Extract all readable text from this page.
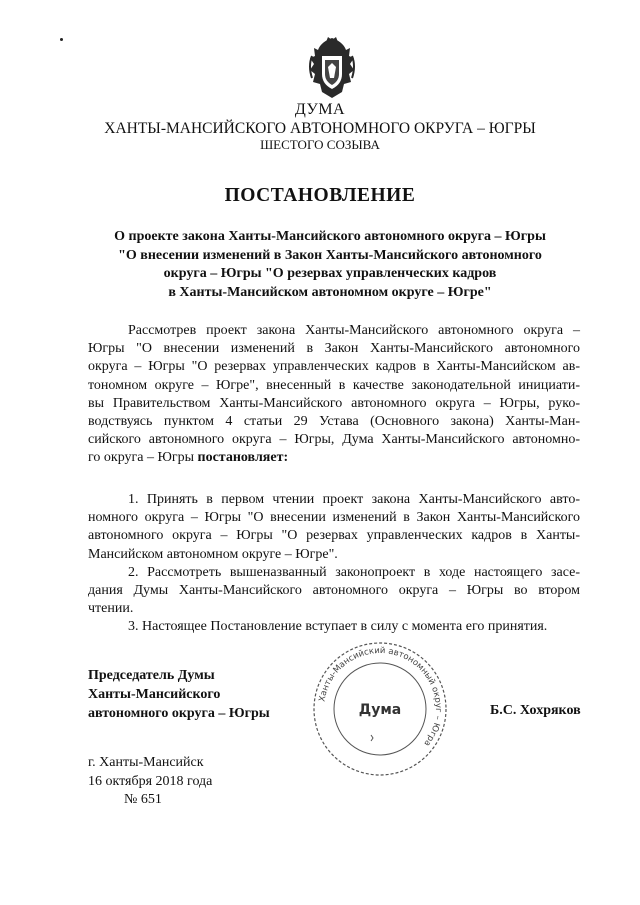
ДУМА
ХАНТЫ-МАНСИЙСКОГО АВТОНОМНОГО ОКРУГА – ЮГРЫ
ШЕСТОГО СОЗЫВА
ПОСТАНОВЛЕНИЕ
О проекте закона Ханты-Мансийского автономного округа – Югры
"О внесении изменений в Закон Ханты-Мансийского автономного
округа – Югры "О резервах управленческих кадров
в Ханты-Мансийском автономном округе – Югре"
Рассмотрев проект закона Ханты-Мансийского автономного округа –
Югры "О внесении изменений в Закон Ханты-Мансийского автономного
округа – Югры "О резервах управленческих кадров в Ханты-Мансийском ав-
тономном округе – Югре", внесенный в качестве законодательной инициати-
вы Правительством Ханты-Мансийского автономного округа – Югры, руко-
водствуясь пунктом 4 статьи 29 Устава (Основного закона) Ханты-Ман-
сийского автономного округа – Югры, Дума Ханты-Мансийского автономно-
го округа – Югры постановляет:
1. Принять в первом чтении проект закона Ханты-Мансийского авто-
номного округа – Югры "О внесении изменений в Закон Ханты-Мансийского
автономного округа – Югры "О резервах управленческих кадров в Ханты-
Мансийском автономном округе – Югре".
2. Рассмотреть вышеназванный законопроект в ходе настоящего засе-
дания Думы Ханты-Мансийского автономного округа – Югры во втором
чтении.
3. Настоящее Постановление вступает в силу с момента его принятия.
Председатель Думы
Ханты-Мансийского
автономного округа – Югры
Ханты-Мансийский автономный округ – Югра
Дума	Б.С. Хохряков
г. Ханты-Мансийск
16 октября 2018 года
№ 651
